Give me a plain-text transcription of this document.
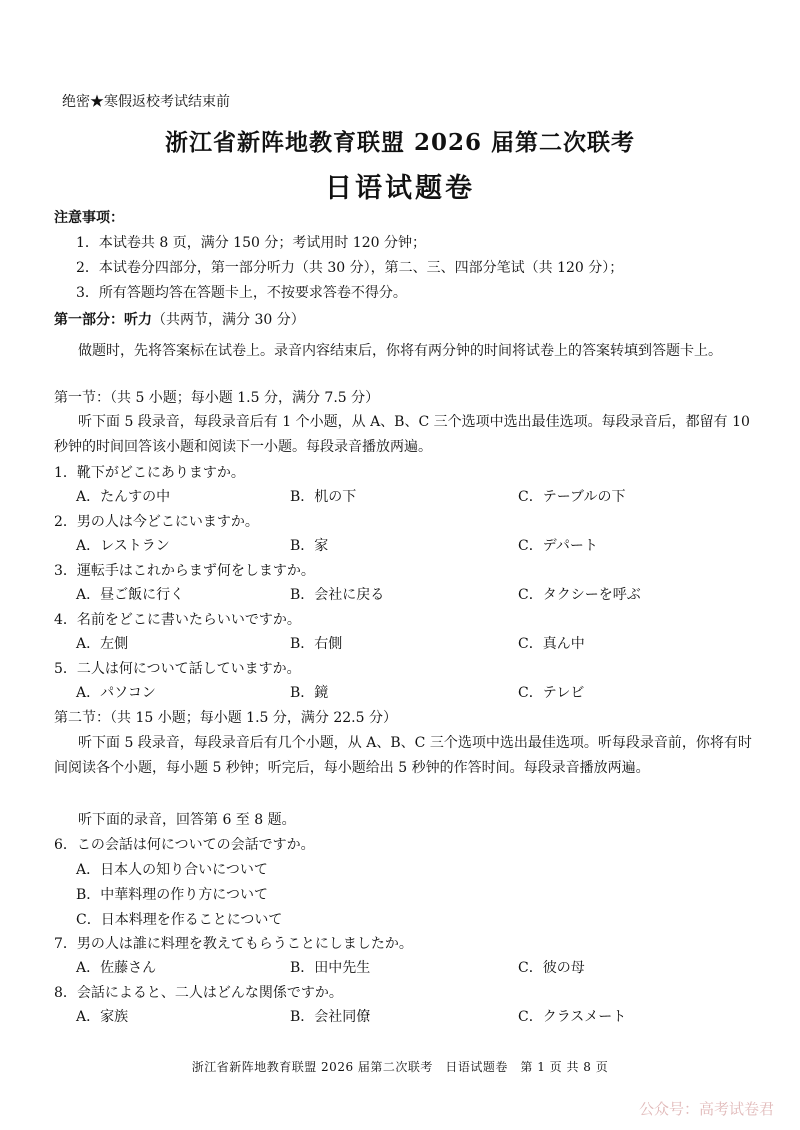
绝密★寒假返校考试结束前
浙江省新阵地教育联盟 2026 届第二次联考
日语试题卷
注意事项：
1．本试卷共 8 页，满分 150 分；考试用时 120 分钟；
2．本试卷分四部分，第一部分听力（共 30 分），第二、三、四部分笔试（共 120 分）；
3．所有答题均答在答题卡上，不按要求答卷不得分。
第一部分：听力（共两节，满分 30 分）
做题时，先将答案标在试卷上。录音内容结束后，你将有两分钟的时间将试卷上的答案转填到答题卡上。
第一节：（共 5 小题；每小题 1.5 分，满分 7.5 分）
听下面 5 段录音，每段录音后有 1 个小题，从 A、B、C 三个选项中选出最佳选项。每段录音后，都留有 10 秒钟的时间回答该小题和阅读下一小题。每段录音播放两遍。
1．靴下がどこにありますか。
A．たんすの中	B．机の下	C．テーブルの下
2．男の人は今どこにいますか。
A．レストラン	B．家	C．デパート
3．運転手はこれからまず何をしますか。
A．昼ご飯に行く	B．会社に戻る	C．タクシーを呼ぶ
4．名前をどこに書いたらいいですか。
A．左側	B．右側	C．真ん中
5．二人は何について話していますか。
A．パソコン	B．鏡	C．テレビ
第二节：（共 15 小题；每小题 1.5 分，满分 22.5 分）
听下面 5 段录音，每段录音后有几个小题，从 A、B、C 三个选项中选出最佳选项。听每段录音前，你将有时间阅读各个小题，每小题 5 秒钟；听完后，每小题给出 5 秒钟的作答时间。每段录音播放两遍。
听下面的录音，回答第 6 至 8 题。
6．この会話は何についての会話ですか。
A．日本人の知り合いについて
B．中華料理の作り方について
C．日本料理を作ることについて
7．男の人は誰に料理を教えてもらうことにしましたか。
A．佐藤さん	B．田中先生	C．彼の母
8．会話によると、二人はどんな関係ですか。
A．家族	B．会社同僚	C．クラスメート
浙江省新阵地教育联盟 2026 届第二次联考　日语试题卷　第 1 页 共 8 页
公众号：高考试卷君
